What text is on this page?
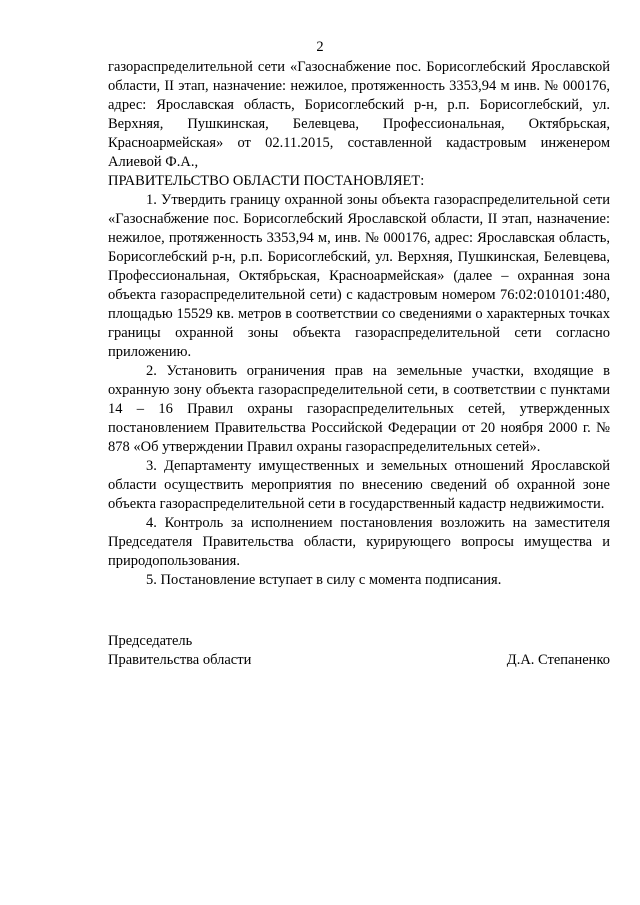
2

газораспределительной сети «Газоснабжение пос. Борисоглебский Ярославской области, II этап, назначение: нежилое, протяженность 3353,94 м инв. № 000176, адрес: Ярославская область, Борисоглебский р-н, р.п. Борисоглебский, ул. Верхняя, Пушкинская, Белевцева, Профессиональная, Октябрьская, Красноармейская» от 02.11.2015, составленной кадастровым инженером Алиевой Ф.А.,

ПРАВИТЕЛЬСТВО ОБЛАСТИ ПОСТАНОВЛЯЕТ:

1. Утвердить границу охранной зоны объекта газораспределительной сети «Газоснабжение пос. Борисоглебский Ярославской области, II этап, назначение: нежилое, протяженность 3353,94 м, инв. № 000176, адрес: Ярославская область, Борисоглебский р-н, р.п. Борисоглебский, ул. Верхняя, Пушкинская, Белевцева, Профессиональная, Октябрьская, Красноармейская» (далее – охранная зона объекта газораспределительной сети) с кадастровым номером 76:02:010101:480, площадью 15529 кв. метров в соответствии со сведениями о характерных точках границы охранной зоны объекта газораспределительной сети согласно приложению.

2. Установить ограничения прав на земельные участки, входящие в охранную зону объекта газораспределительной сети, в соответствии с пунктами 14 – 16 Правил охраны газораспределительных сетей, утвержденных постановлением Правительства Российской Федерации от 20 ноября 2000 г. № 878 «Об утверждении Правил охраны газораспределительных сетей».

3. Департаменту имущественных и земельных отношений Ярославской области осуществить мероприятия по внесению сведений об охранной зоне объекта газораспределительной сети в государственный кадастр недвижимости.

4. Контроль за исполнением постановления возложить на заместителя Председателя Правительства области, курирующего вопросы имущества и природопользования.

5. Постановление вступает в силу с момента подписания.

Председатель
Правительства области	Д.А. Степаненко
